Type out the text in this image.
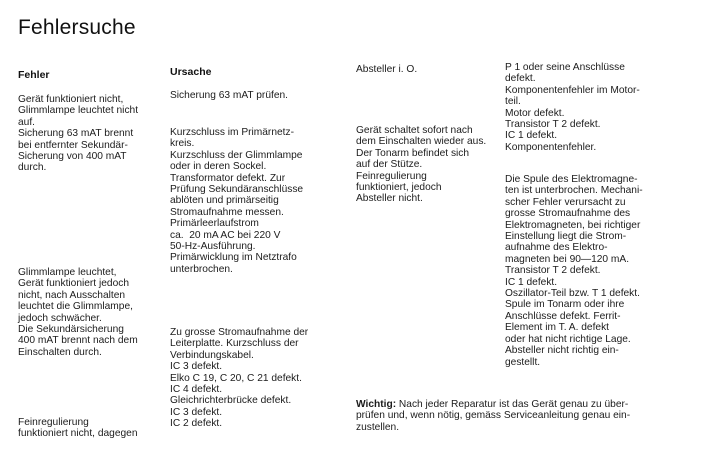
Fehlersuche
Fehler	Ursache
Gerät funktioniert nicht,
Glimmlampe leuchtet nicht
auf.
Sicherung 63 mAT brennt
bei entfernter Sekundär-
Sicherung von 400 mAT
durch.
Glimmlampe leuchtet,
Gerät funktioniert jedoch
nicht, nach Ausschalten
leuchtet die Glimmlampe,
jedoch schwächer.
Die Sekundärsicherung
400 mAT brennt nach dem
Einschalten durch.
Feinregulierung
funktioniert nicht, dagegen
Sicherung 63 mAT prüfen.
Kurzschluss im Primärnetz-
kreis.
Kurzschluss der Glimmlampe
oder in deren Sockel.
Transformator defekt. Zur
Prüfung Sekundäranschlüsse
ablöten und primärseitig
Stromaufnahme messen.
Primärleerlaufstrom
ca.  20 mA AC bei 220 V
50-Hz-Ausführung.
Primärwicklung im Netztrafo
unterbrochen.
Zu grosse Stromaufnahme der
Leiterplatte. Kurzschluss der
Verbindungskabel.
IC 3 defekt.
Elko C 19, C 20, C 21 defekt.
IC 4 defekt.
Gleichrichterbrücke defekt.
IC 3 defekt.
IC 2 defekt.
Absteller i. O.
Gerät schaltet sofort nach
dem Einschalten wieder aus.
Der Tonarm befindet sich
auf der Stütze.
Feinregulierung
funktioniert, jedoch
Absteller nicht.
P 1 oder seine Anschlüsse
defekt.
Komponentenfehler im Motor-
teil.
Motor defekt.
Transistor T 2 defekt.
IC 1 defekt.
Komponentenfehler.
Die Spule des Elektromagne-
ten ist unterbrochen. Mechani-
scher Fehler verursacht zu
grosse Stromaufnahme des
Elektromagneten, bei richtiger
Einstellung liegt die Strom-
aufnahme des Elektro-
magneten bei 90—120 mA.
Transistor T 2 defekt.
IC 1 defekt.
Oszillator-Teil bzw. T 1 defekt.
Spule im Tonarm oder ihre
Anschlüsse defekt. Ferrit-
Element im T. A. defekt
oder hat nicht richtige Lage.
Absteller nicht richtig ein-
gestellt.
Wichtig: Nach jeder Reparatur ist das Gerät genau zu über-
prüfen und, wenn nötig, gemäss Serviceanleitung genau ein-
zustellen.
